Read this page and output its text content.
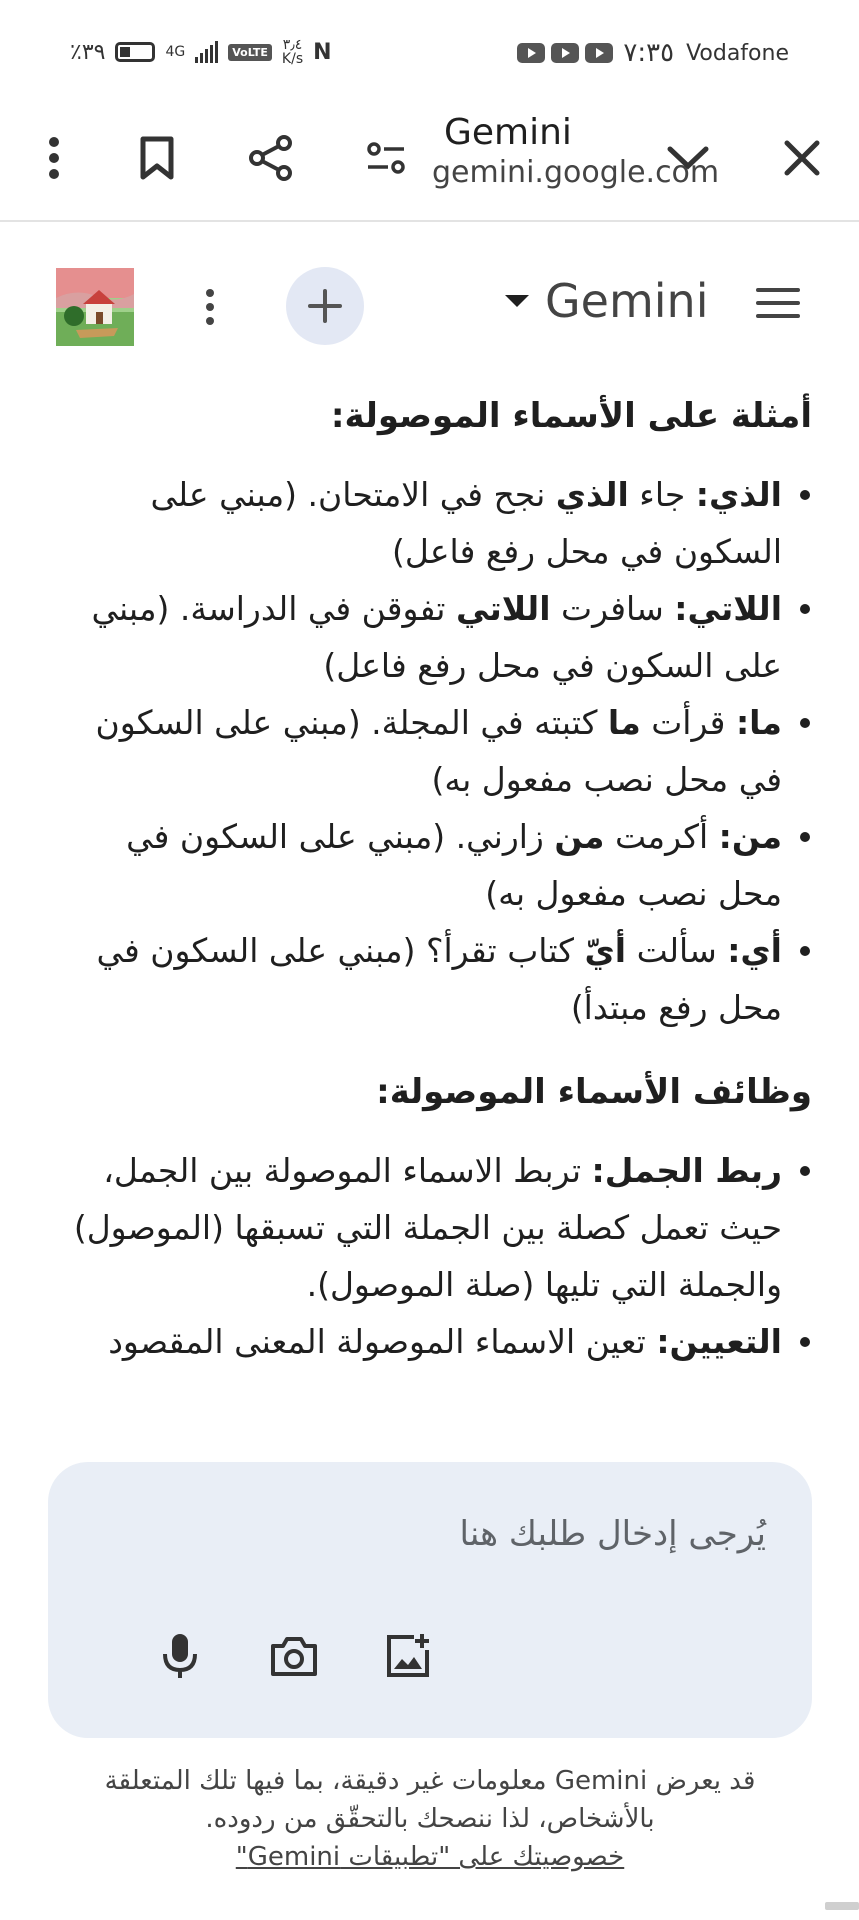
٪٣٩	4G	VoLTE ٣٫٤
K/s N	٧:٣٥ Vodafone
Gemini
gemini.google.com
Gemini
أمثلة على الأسماء الموصولة:
الذي: جاء الذي نجح في الامتحان. (مبني على السكون في محل رفع فاعل)
اللاتي: سافرت اللاتي تفوقن في الدراسة. (مبني على السكون في محل رفع فاعل)
ما: قرأت ما كتبته في المجلة. (مبني على السكون في محل نصب مفعول به)
من: أكرمت من زارني. (مبني على السكون في محل نصب مفعول به)
أي: سألت أيّ كتاب تقرأ؟ (مبني على السكون في محل رفع مبتدأ)
وظائف الأسماء الموصولة:
ربط الجمل: تربط الاسماء الموصولة بين الجمل، حيث تعمل كصلة بين الجملة التي تسبقها (الموصول) والجملة التي تليها (صلة الموصول).
التعيين: تعين الاسماء الموصولة المعنى المقصود
يُرجى إدخال طلبك هنا
قد يعرض Gemini معلومات غير دقيقة، بما فيها تلك المتعلقة بالأشخاص، لذا ننصحك بالتحقّق من ردوده.
خصوصيتك على "تطبيقات Gemini"
